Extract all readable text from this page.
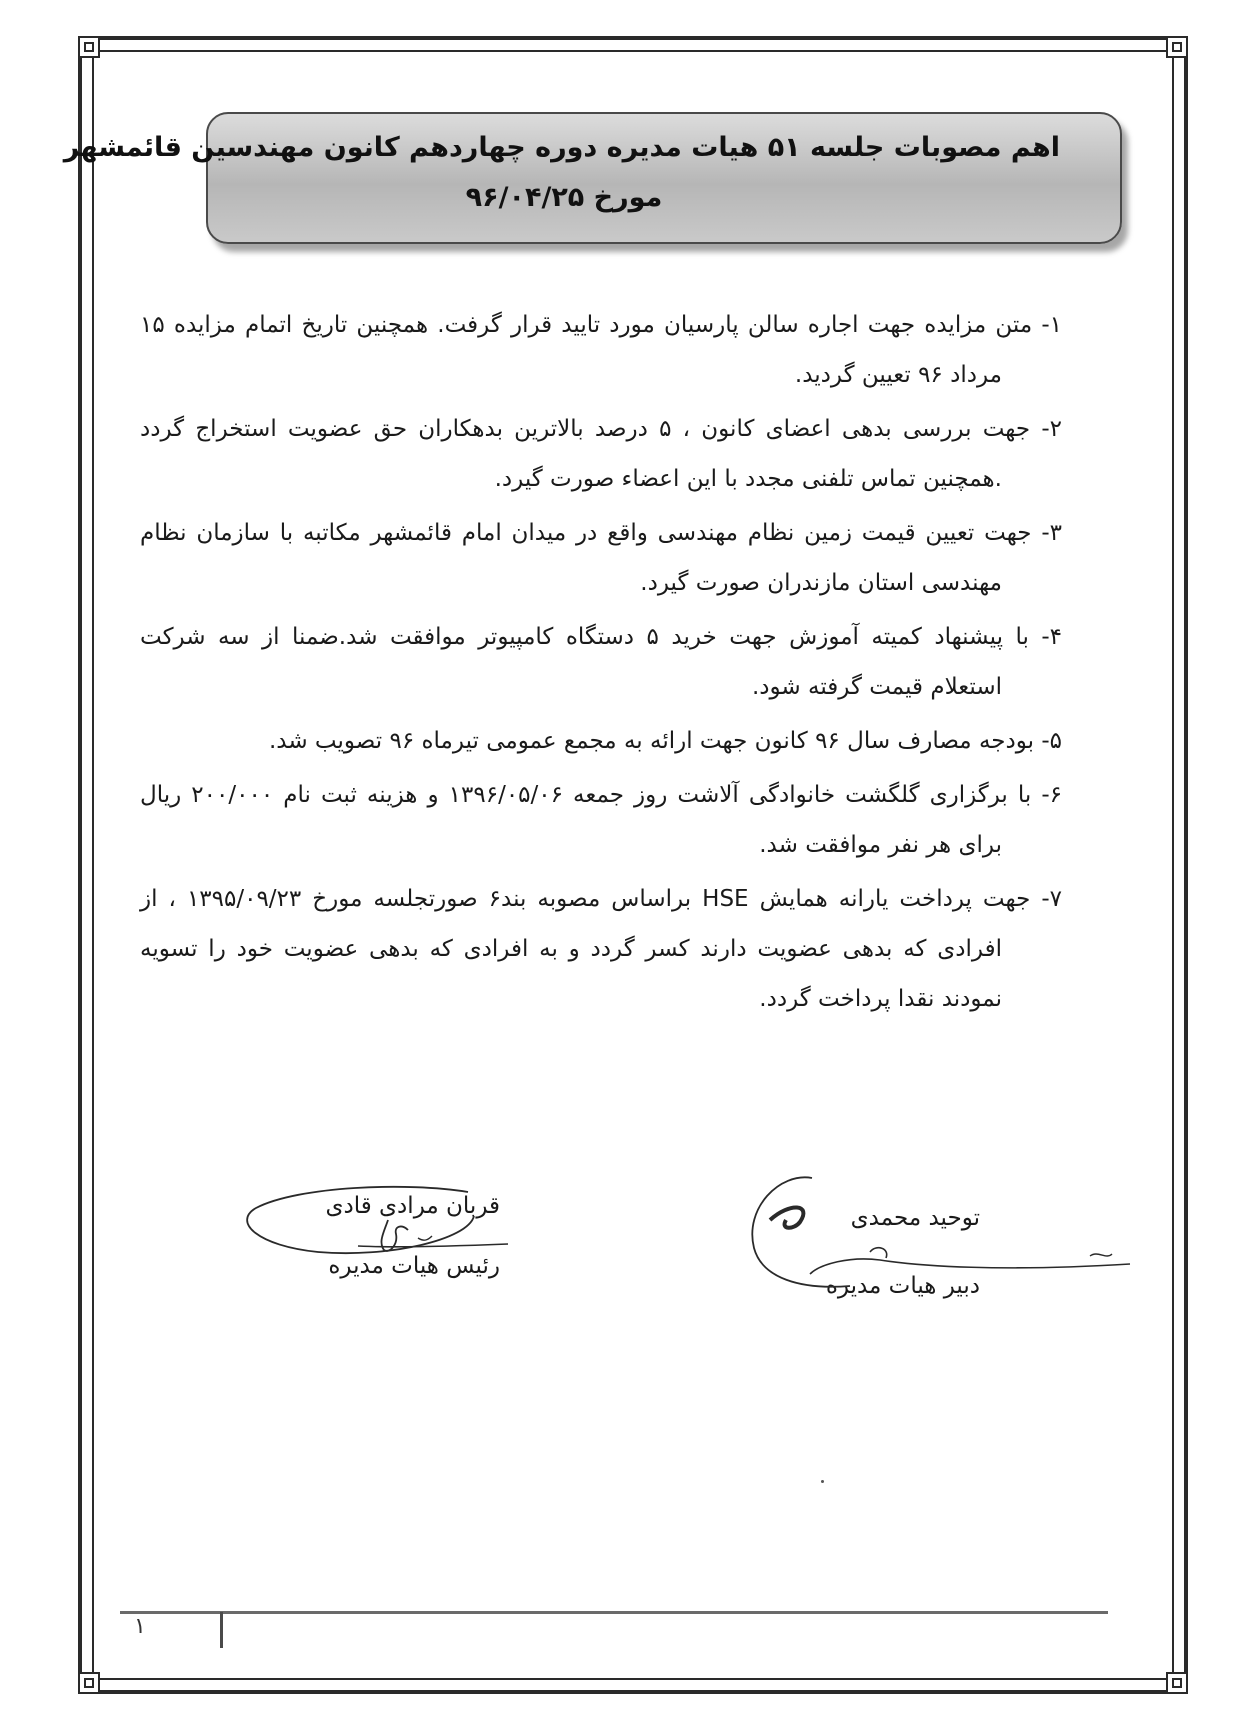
اهم مصوبات جلسه ۵۱ هیات مدیره دوره چهاردهم کانون مهندسین قائمشهر
مورخ ۹۶/۰۴/۲۵
۱- متن مزایده جهت اجاره سالن پارسیان مورد تایید قرار گرفت. همچنین تاریخ اتمام مزایده ۱۵ مرداد ۹۶ تعیین گردید.
۲- جهت بررسی بدهی اعضای کانون ، ۵ درصد بالاترین بدهکاران حق عضویت استخراج گردد .همچنین تماس تلفنی مجدد با این اعضاء صورت گیرد.
۳- جهت تعیین قیمت زمین نظام مهندسی واقع در میدان امام قائمشهر مکاتبه با سازمان نظام مهندسی استان مازندران صورت گیرد.
۴- با پیشنهاد کمیته آموزش جهت خرید ۵ دستگاه کامپیوتر موافقت شد.ضمنا از سه شرکت استعلام قیمت گرفته شود.
۵- بودجه مصارف سال ۹۶ کانون جهت ارائه به مجمع عمومی تیرماه ۹۶ تصویب شد.
۶- با برگزاری گلگشت خانوادگی آلاشت روز جمعه ۱۳۹۶/۰۵/۰۶ و هزینه ثبت نام ۲۰۰/۰۰۰ ریال برای هر نفر موافقت شد.
۷- جهت پرداخت یارانه همایش HSE براساس مصوبه بند۶ صورتجلسه مورخ ۱۳۹۵/۰۹/۲۳ ، از افرادی که بدهی عضویت دارند کسر گردد و به افرادی که بدهی عضویت خود را تسویه نمودند نقدا پرداخت گردد.
قربان مرادی قادی
رئیس هیات مدیره
توحید محمدی
دبیر هیات مدیره
۱
